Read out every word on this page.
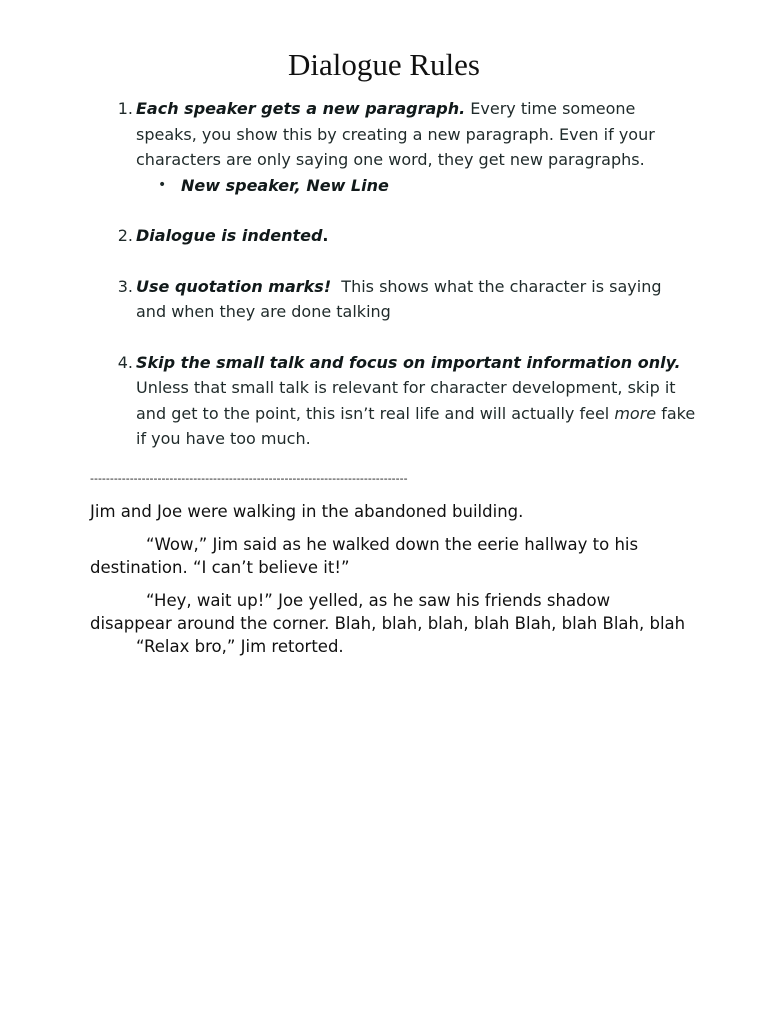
Dialogue Rules
1. Each speaker gets a new paragraph. Every time someone speaks, you show this by creating a new paragraph. Even if your characters are only saying one word, they get new paragraphs.
• New speaker, New Line
2. Dialogue is indented.
3. Use quotation marks!  This shows what the character is saying and when they are done talking
4. Skip the small talk and focus on important information only. Unless that small talk is relevant for character development, skip it and get to the point, this isn’t real life and will actually feel more fake if you have too much.
--------------------------------------------------------------------------------

Jim and Joe were walking in the abandoned building.

“Wow,” Jim said as he walked down the eerie hallway to his destination. “I can’t believe it!”

“Hey, wait up!” Joe yelled, as he saw his friends shadow disappear around the corner. Blah, blah, blah, blah Blah, blah Blah, blah

“Relax bro,” Jim retorted.
